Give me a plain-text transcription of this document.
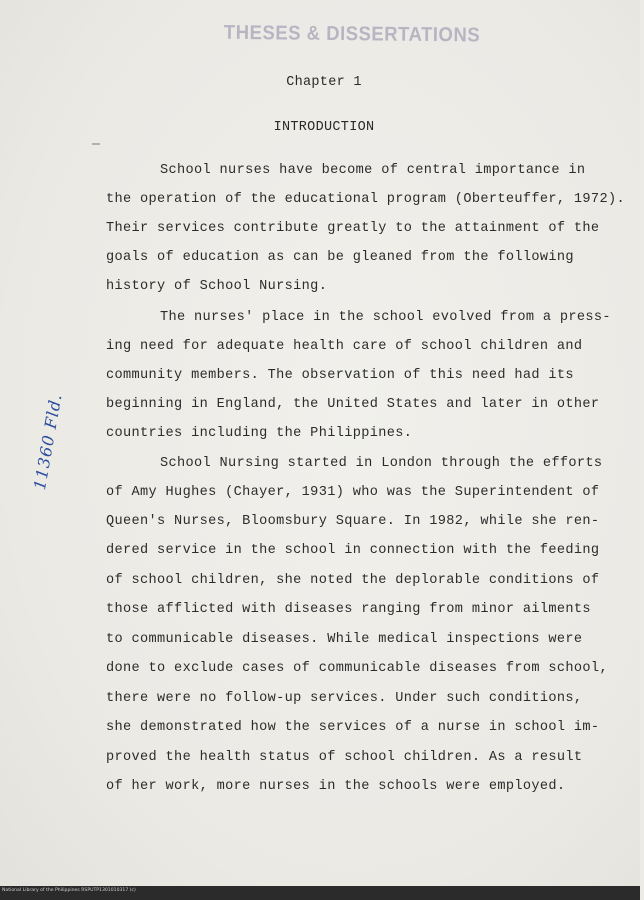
THESES & DISSERTATIONS
Chapter 1
INTRODUCTION
11360 Fld.
School nurses have become of central importance in
the operation of the educational program (Oberteuffer, 1972).
Their services contribute greatly to the attainment of the
goals of education as can be gleaned from the following
history of School Nursing.
The nurses' place in the school evolved from a press-
ing need for adequate health care of school children and
community members. The observation of this need had its
beginning in England, the United States and later in other
countries including the Philippines.
School Nursing started in London through the efforts
of Amy Hughes (Chayer, 1931) who was the Superintendent of
Queen's Nurses, Bloomsbury Square. In 1982, while she ren-
dered service in the school in connection with the feeding
of school children, she noted the deplorable conditions of
those afflicted with diseases ranging from minor ailments
to communicable diseases. While medical inspections were
done to exclude cases of communicable diseases from school,
there were no follow-up services. Under such conditions,
she demonstrated how the services of a nurse in school im-
proved the health status of school children. As a result
of her work, more nurses in the schools were employed.
National Library of the Philippines RSPUTP1301010317 (c)
